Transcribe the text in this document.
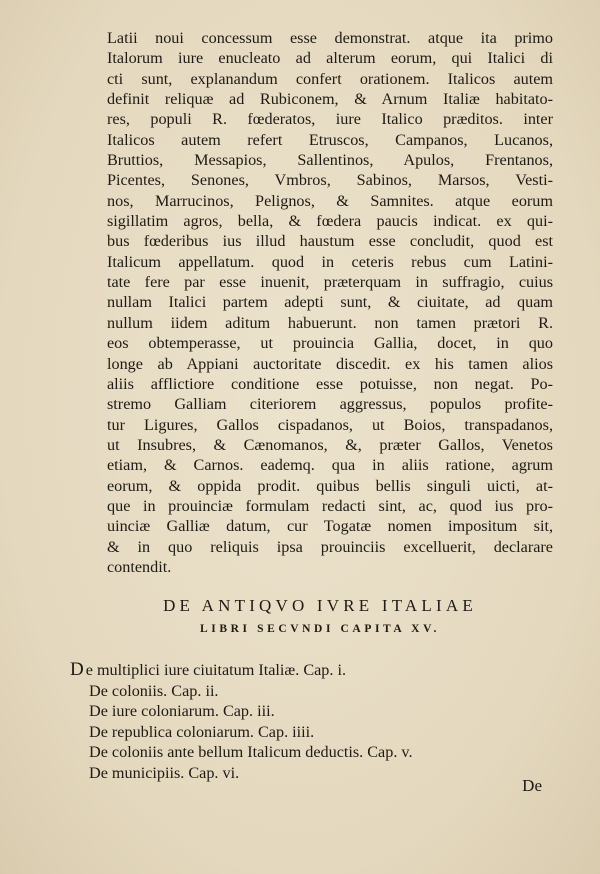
Latii noui concessum esse demonstrat. atque ita primo
Italorum iure enucleato ad alterum eorum, qui Italici di
cti sunt, explanandum confert orationem. Italicos autem
definit reliquæ ad Rubiconem, & Arnum Italiæ habitato-
res, populi R. fœderatos, iure Italico præditos. inter
Italicos autem refert Etruscos, Campanos, Lucanos,
Bruttios, Messapios, Sallentinos, Apulos, Frentanos,
Picentes, Senones, Vmbros, Sabinos, Marsos, Vesti-
nos, Marrucinos, Pelignos, & Samnites. atque eorum
sigillatim agros, bella, & fœdera paucis indicat. ex qui-
bus fœderibus ius illud haustum esse concludit, quod est
Italicum appellatum. quod in ceteris rebus cum Latini-
tate fere par esse inuenit, præterquam in suffragio, cuius
nullam Italici partem adepti sunt, & ciuitate, ad quam
nullum iidem aditum habuerunt. non tamen prætori R.
eos obtemperasse, ut prouincia Gallia, docet, in quo
longe ab Appiani auctoritate discedit. ex his tamen alios
aliis afflictiore conditione esse potuisse, non negat. Po-
stremo Galliam citeriorem aggressus, populos profite-
tur Ligures, Gallos cispadanos, ut Boios, transpadanos,
ut Insubres, & Cænomanos, &, præter Gallos, Venetos
etiam, & Carnos. eademq. qua in aliis ratione, agrum
eorum, & oppida prodit. quibus bellis singuli uicti, at-
que in prouinciæ formulam redacti sint, ac, quod ius pro-
uinciæ Galliæ datum, cur Togatæ nomen impositum sit,
& in quo reliquis ipsa prouinciis excelluerit, declarare
contendit.
DE ANTIQVO IVRE ITALIAE
LIBRI SECVNDI CAPITA XV.
De multiplici iure ciuitatum Italiæ. Cap. i.
De coloniis. Cap. ii.
De iure coloniarum. Cap. iii.
De republica coloniarum. Cap. iiii.
De coloniis ante bellum Italicum deductis. Cap. v.
De municipiis. Cap. vi.
De
